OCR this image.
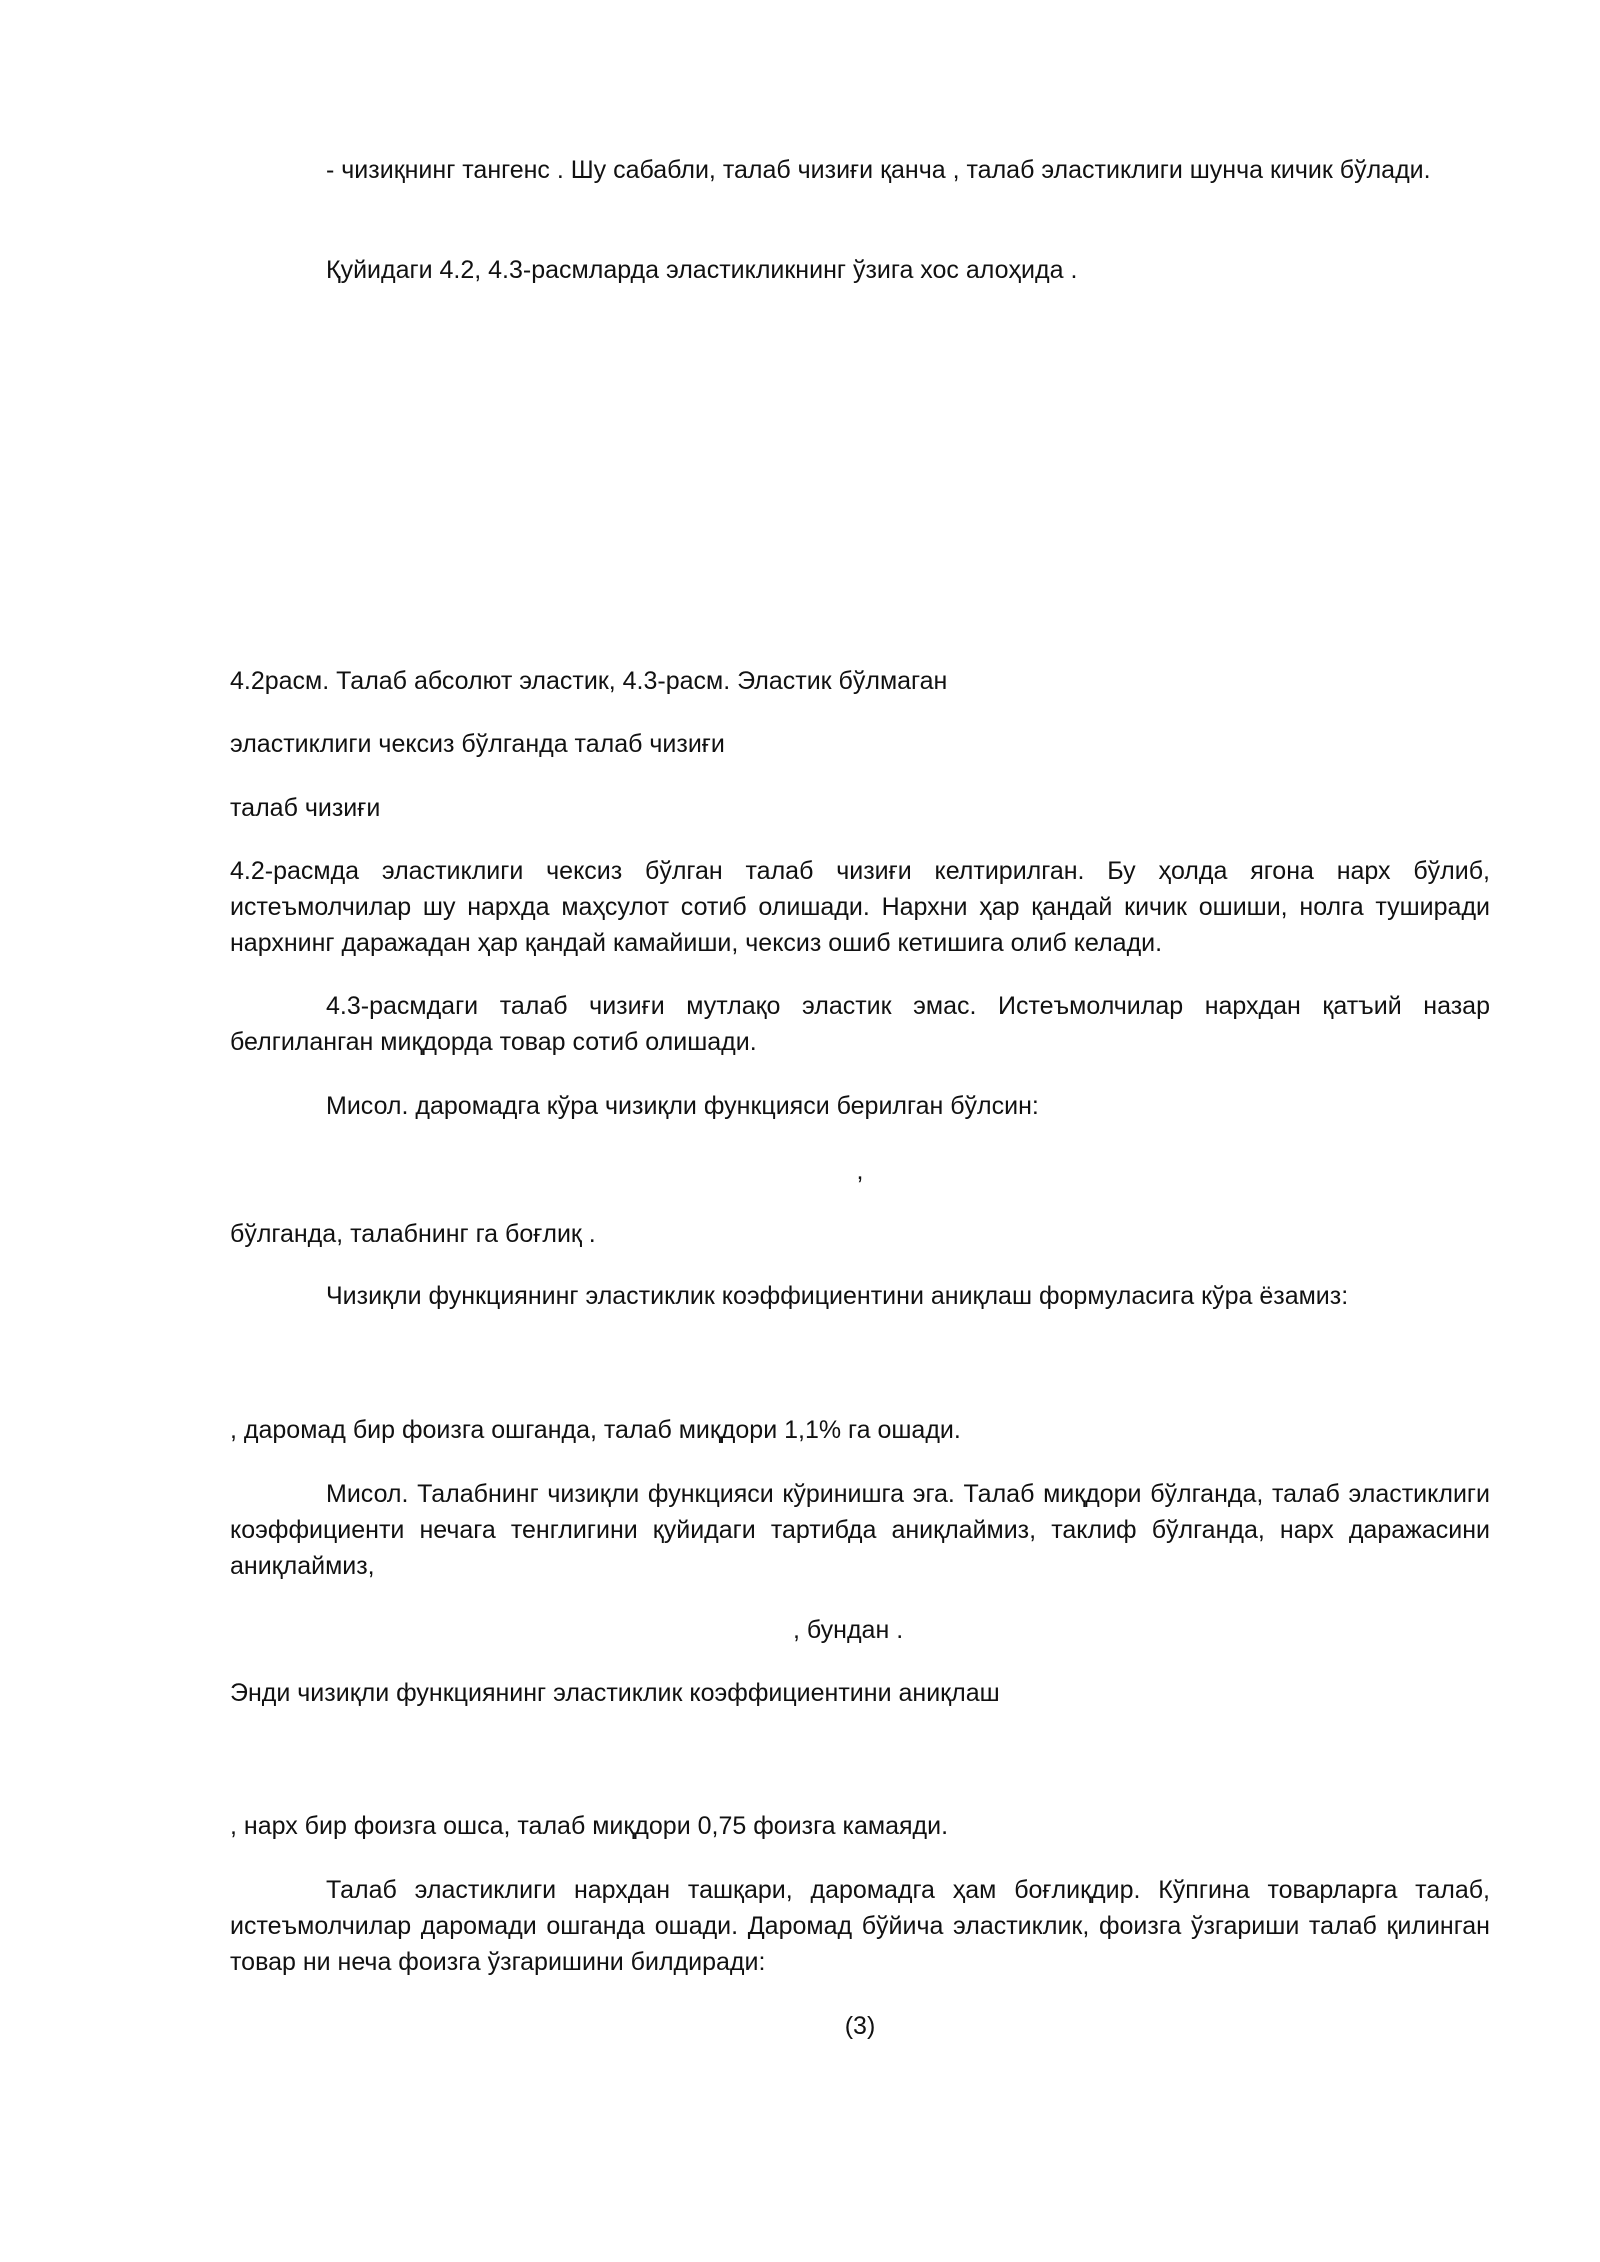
- чизиқнинг тангенс . Шу сабабли, талаб чизиғи қанча , талаб эластиклиги шунча кичик бўлади.

Қуйидаги 4.2, 4.3-расмларда эластикликнинг ўзига хос алоҳида .

4.2расм. Талаб абсолют эластик, 4.3-расм. Эластик бўлмаган

эластиклиги чексиз бўлганда талаб чизиғи

талаб чизиғи

4.2-расмда эластиклиги чексиз бўлган талаб чизиғи келтирилган. Бу ҳолда ягона нарх бўлиб, истеъмолчилар шу нархда маҳсулот сотиб олишади. Нархни ҳар қандай кичик ошиши, нолга туширади нархнинг даражадан ҳар қандай камайиши, чексиз ошиб кетишига олиб келади.

4.3-расмдаги талаб чизиғи мутлақо эластик эмас. Истеъмолчилар нархдан қатъий назар белгиланган миқдорда товар сотиб олишади.

Мисол. даромадга кўра чизиқли функцияси берилган бўлсин:

,

бўлганда, талабнинг га боғлиқ .

Чизиқли функциянинг эластиклик коэффициентини аниқлаш формуласига кўра ёзамиз:

, даромад бир фоизга ошганда, талаб миқдори 1,1% га ошади.

Мисол. Талабнинг чизиқли функцияси кўринишга эга. Талаб миқдори бўлганда, талаб эластиклиги коэффициенти нечага тенглигини қуйидаги тартибда аниқлаймиз, таклиф бўлганда, нарх даражасини аниқлаймиз,

, бундан .

Энди чизиқли функциянинг эластиклик коэффициентини аниқлаш

, нарх бир фоизга ошса, талаб миқдори 0,75 фоизга камаяди.

Талаб эластиклиги нархдан ташқари, даромадга ҳам боғлиқдир. Кўпгина товарларга талаб, истеъмолчилар даромади ошганда ошади. Даромад бўйича эластиклик, фоизга ўзгариши талаб қилинган товар ни неча фоизга ўзгаришини билдиради:

(3)
